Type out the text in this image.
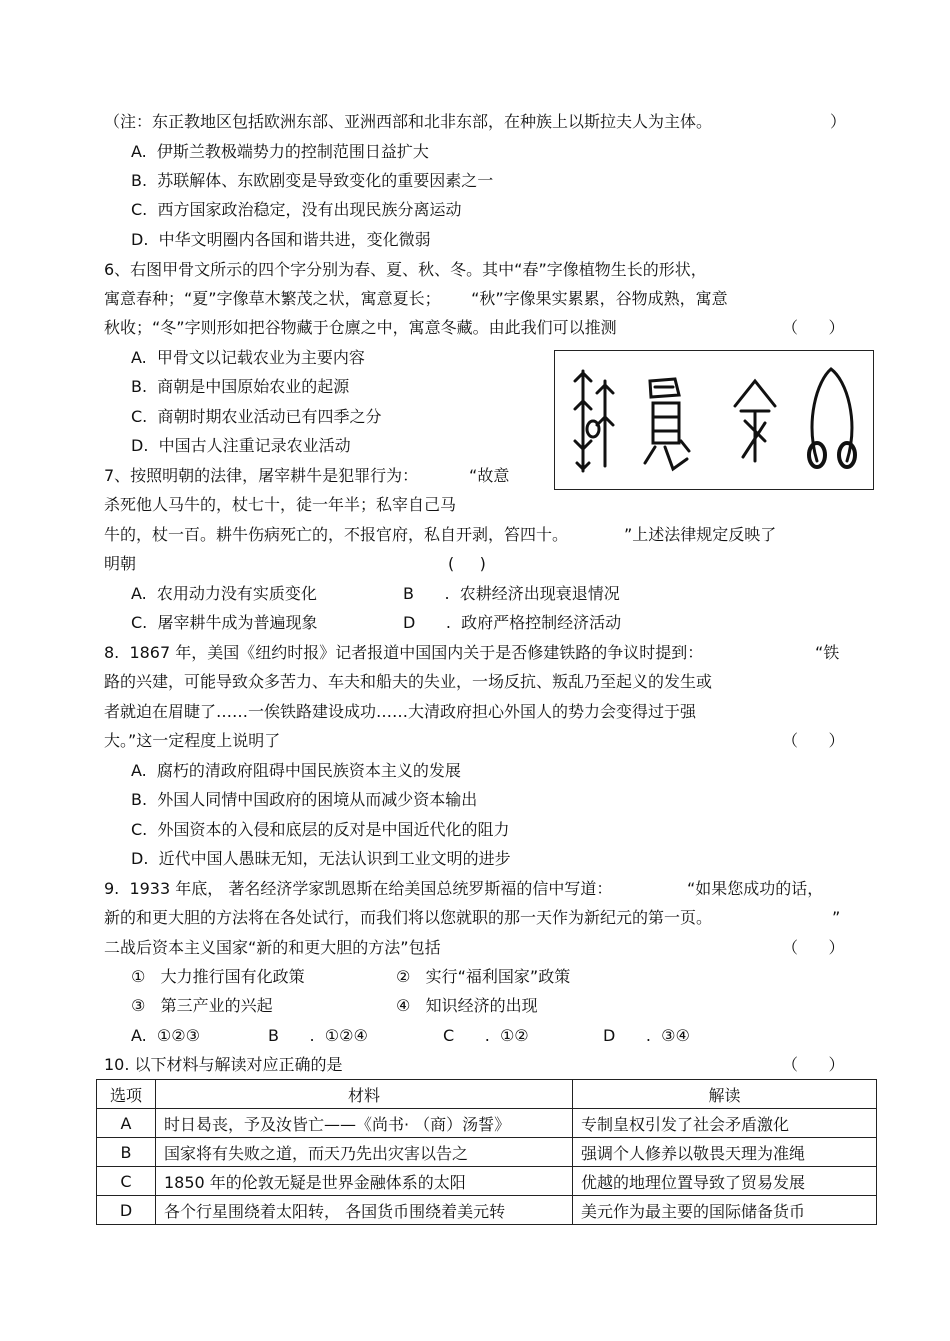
（注：东正教地区包括欧洲东部、亚洲西部和北非东部，在种族上以斯拉夫人为主体。	）
A. 伊斯兰教极端势力的控制范围日益扩大
B. 苏联解体、东欧剧变是导致变化的重要因素之一
C. 西方国家政治稳定，没有出现民族分离运动
D. 中华文明圈内各国和谐共进，变化微弱
6、右图甲骨文所示的四个字分别为春、夏、秋、冬。其中“春”字像植物生长的形状，
寓意春种；“夏”字像草木繁茂之状，寓意夏长；      “秋”字像果实累累，谷物成熟，寓意
秋收；“冬”字则形如把谷物藏于仓廪之中，寓意冬藏。由此我们可以推测	（      ）
A. 甲骨文以记载农业为主要内容
B. 商朝是中国原始农业的起源
C. 商朝时期农业活动已有四季之分
D. 中国古人注重记录农业活动
7、按照明朝的法律，屠宰耕牛是犯罪行为：          “故意
杀死他人马牛的，杖七十，徒一年半；私宰自己马
牛的，杖一百。耕牛伤病死亡的，不报官府，私自开剥，笞四十。           ”上述法律规定反映了
明朝	(     )
A. 农用动力没有实质变化	B      . 农耕经济出现衰退情况
C. 屠宰耕牛成为普遍现象	D      . 政府严格控制经济活动
8.  1867 年，美国《纽约时报》记者报道中国国内关于是否修建铁路的争议时提到：	“铁
路的兴建，可能导致众多苦力、车夫和船夫的失业，一场反抗、叛乱乃至起义的发生或
者就迫在眉睫了……一俟铁路建设成功……大清政府担心外国人的势力会变得过于强
大。”这一定程度上说明了	（      ）
A. 腐朽的清政府阻碍中国民族资本主义的发展
B. 外国人同情中国政府的困境从而减少资本输出
C. 外国资本的入侵和底层的反对是中国近代化的阻力
D. 近代中国人愚昧无知，无法认识到工业文明的进步
9.  1933 年底， 著名经济学家凯恩斯在给美国总统罗斯福的信中写道：	“如果您成功的话，
新的和更大胆的方法将在各处试行，而我们将以您就职的那一天作为新纪元的第一页。	”
二战后资本主义国家“新的和更大胆的方法”包括	（      ）
① 大力推行国有化政策	② 实行“福利国家”政策
③ 第三产业的兴起	④ 知识经济的出现
A.  ①②③	B      .  ①②④	C      .  ①②	D      .  ③④
10. 以下材料与解读对应正确的是	（      ）
选项	材料	解读
A	时日曷丧，予及汝皆亡——《尚书· （商）汤誓》	专制皇权引发了社会矛盾激化
B	国家将有失败之道，而天乃先出灾害以告之	强调个人修养以敬畏天理为准绳
C	1850 年的伦敦无疑是世界金融体系的太阳	优越的地理位置导致了贸易发展
D	各个行星围绕着太阳转， 各国货币围绕着美元转	美元作为最主要的国际储备货币
